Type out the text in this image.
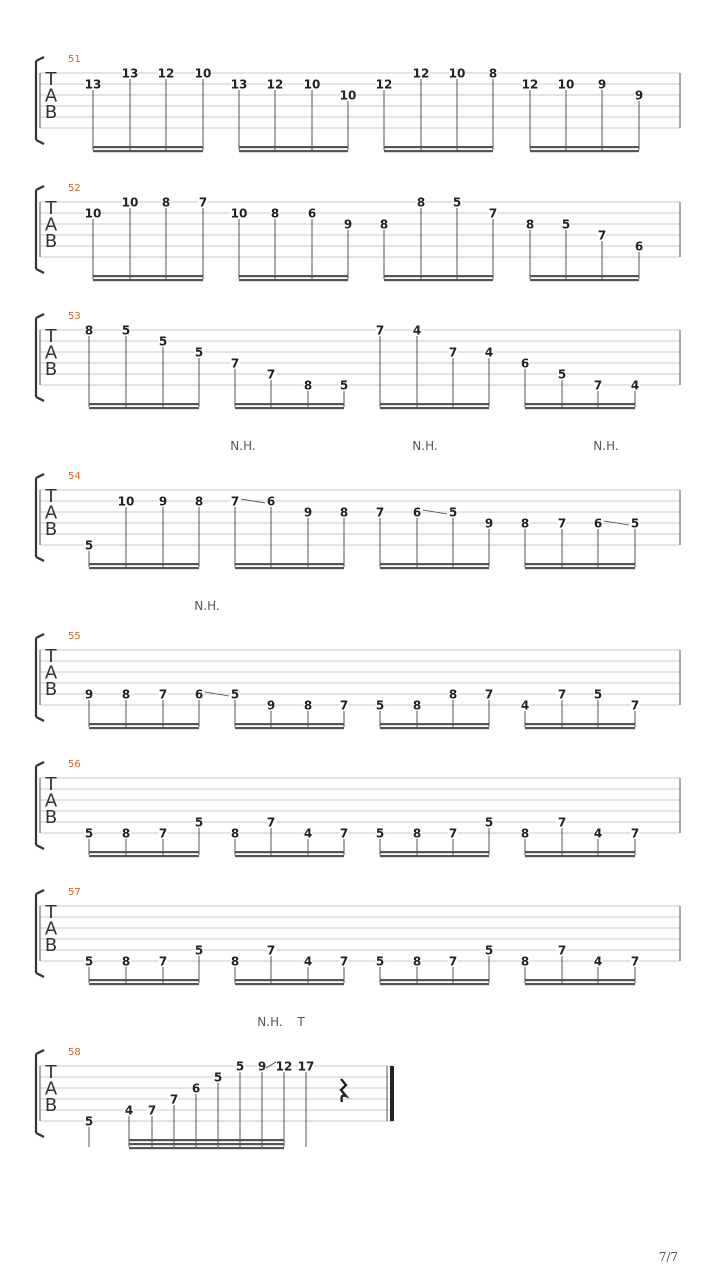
T
A
B
51
13
13 12 10
13 12 10
10
12
12 10 8
12 10 9
9
T
A
B
52
10
10 8 7
10 8 6
9 8
8 5
7
8 5
7
6
T
A
B
53
8 5
5
5
7
7
8 5
7 4
7 4
6
5
7 4
T
A
B
54
5
10 9 8 7 6
9 8 7 6 5
9 8 7 6 5
T
A
B
55
9 8 7 6 5
9 8 7 5 8
8 7
4
7 5
7
T
A
B
56
5 8 7
5
8
7
4 7 5 8 7
5
8
7
4 7
T
A
B
57
5 8 7
5
8
7
4 7 5 8 7
5
8
7
4 7
T
A
B
58
5
4 7
7
6
5
5 9 12 17
N.H.	N.H.	N.H.
N.H.
N.H. T
7/7
